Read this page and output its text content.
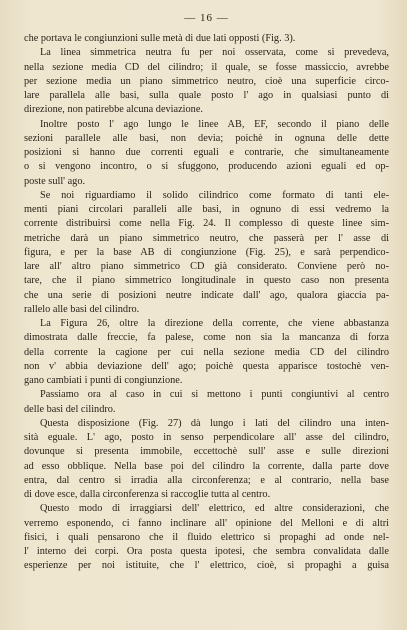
— 16 —
che portava le congiunzioni sulle metà di due lati opposti (Fig. 3).
La linea simmetrica neutra fu per noi osservata, come si prevedeva,
nella sezione media CD del cilindro; il quale, se fosse massiccio, avrebbe
per sezione media un piano simmetrico neutro, cioè una superficie circo-
lare parallela alle basi, sulla quale posto l' ago in qualsiasi punto di
direzione, non patirebbe alcuna deviazione.
Inoltre posto l' ago lungo le linee AB, EF, secondo il piano delle
sezioni parallele alle basi, non devia; poichè in ognuna delle dette
posizioni si hanno due correnti eguali e contrarie, che simultaneamente
o si vengono incontro, o si sfuggono, producendo azioni eguali ed op-
poste sull' ago.
Se noi riguardiamo il solido cilindrico come formato di tanti ele-
menti piani circolari paralleli alle basi, in ognuno di essi vedremo la
corrente distribuirsi come nella Fig. 24. Il complesso di queste linee sim-
metriche darà un piano simmetrico neutro, che passerà per l' asse di
figura, e per la base AB di congiunzione (Fig. 25), e sarà perpendico-
lare all' altro piano simmetrico CD già considerato. Conviene però no-
tare, che il piano simmetrico longitudinale in questo caso non presenta
che una serie di posizioni neutre indicate dall' ago, qualora giaccia pa-
rallelo alle basi del cilindro.
La Figura 26, oltre la direzione della corrente, che viene abbastanza
dimostrata dalle freccie, fa palese, come non sia la mancanza di forza
della corrente la cagione per cui nella sezione media CD del cilindro
non v' abbia deviazione dell' ago; poichè questa apparisce tostochè ven-
gano cambiati i punti di congiunzione.
Passiamo ora al caso in cui si mettono i punti congiuntivi al centro
delle basi del cilindro.
Questa disposizione (Fig. 27) dà lungo i lati del cilindro una inten-
sità eguale. L' ago, posto in senso perpendicolare all' asse del cilindro,
dovunque si presenta immobile, eccettochè sull' asse e sulle direzioni
ad esso obblique. Nella base poi del cilindro la corrente, dalla parte dove
entra, dal centro si irradia alla circonferenza; e al contrario, nella base
di dove esce, dalla circonferenza si raccoglie tutta al centro.
Questo modo di irraggiarsi dell' elettrico, ed altre considerazioni, che
verremo esponendo, ci fanno inclinare all' opinione del Melloni e di altri
fisici, i quali pensarono che il fluido elettrico si propaghi ad onde nel-
l' interno dei corpi. Ora posta questa ipotesi, che sembra convalidata dalle
esperienze per noi istituite, che l' elettrico, cioè, si propaghi a guisa
